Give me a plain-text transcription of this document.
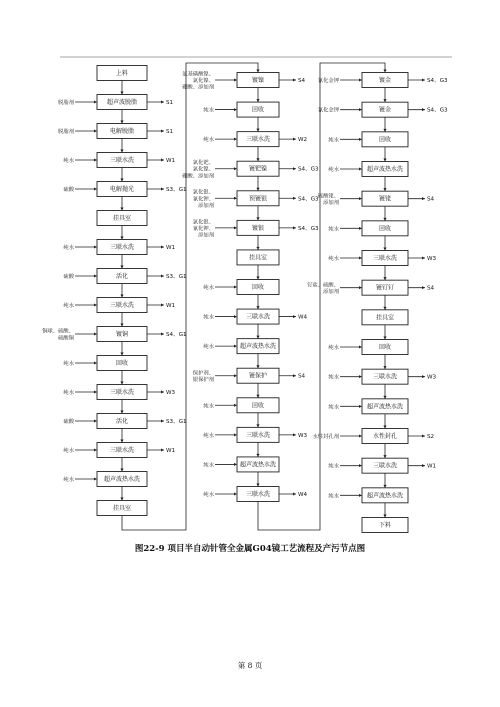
上料
超声波脱脂	S1
脱脂剂
电解脱脂	S1
脱脂剂
三联水洗	W1
纯水
电解抛光	S3、G1
硫酸
挂具室
三联水洗	W1
纯水
活化	S3、G1
硫酸
三联水洗	W1
纯水
镀铜	S4、G1
铜球、硫酸、硫酸铜
回收
纯水
三联水洗	W3
纯水
活化	S3、G1
硫酸
三联水洗	W1
纯水
超声波热水洗
纯水
挂具室
镀镍	S4
氨基磺酸镍、氯化镍、硼酸、添加剂
回收
纯水
三联水洗	W2
纯水
镀钯镍	S4、G3
氯化钯、氯化镍、硼酸、添加剂
预镀银	S4、G3
氯化银、氰化钾、添加剂
镀银	S4、G3
氯化银、氰化钾、添加剂
挂具室
回收
纯水
三联水洗	W4
纯水
超声波热水洗
纯水
镀保护	S4
保护剂、银保护剂
回收
纯水
三联水洗	W3
纯水
超声波热水洗
纯水
三联水洗	W4
纯水
镀金	S4、G3
氰化金钾
镀金	S4、G3
氰化金钾
回收
纯水
超声波热水洗
纯水
镀铑	S4
硫酸铑、添加剂
回收
纯水
三联水洗	W3
纯水
镀钌钉	S4
钌盐、硫酸、添加剂
挂具室
回收
纯水
三联水洗	W3
纯水
超声波热水洗
纯水
水性封孔	S2
水性封孔剂
三联水洗	W1
纯水
超声波热水洗
纯水
下料
图22-9 项目半自动针管全金属G04镜工艺流程及产污节点图
第 8 页
